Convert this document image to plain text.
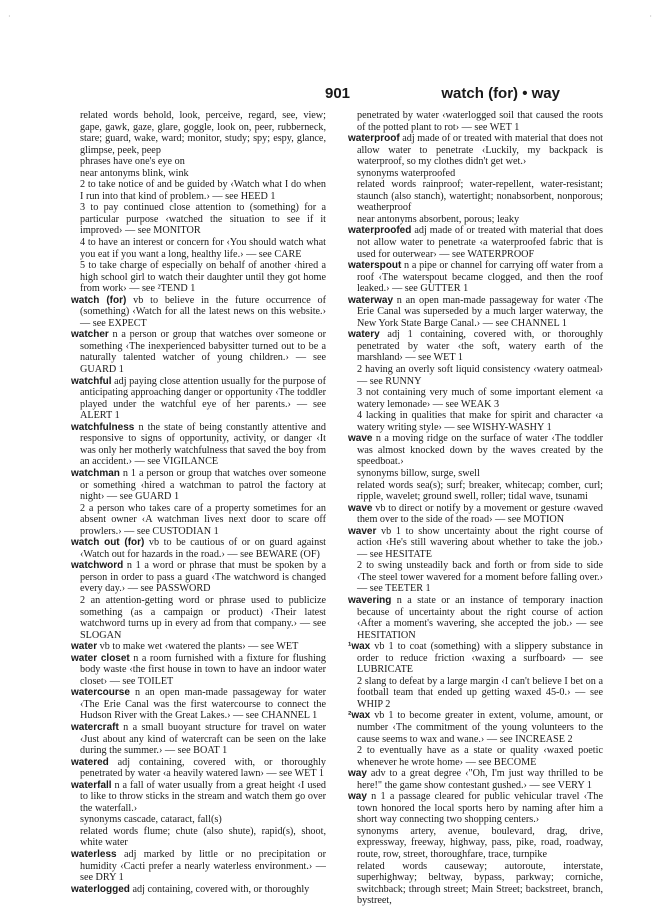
·	·
901	watch (for) • way

related words behold, look, perceive, regard, see, view; gape, gawk, gaze, glare, goggle, look on, peer, rubberneck, stare; guard, wake, ward; monitor, study; spy; espy, glance, glimpse, peek, peep

phrases have one's eye on

near antonyms blink, wink

2 to take notice of and be guided by ‹Watch what I do when I run into that kind of problem.› — see HEED 1

3 to pay continued close attention to (something) for a particular purpose ‹watched the situation to see if it improved› — see MONITOR

4 to have an interest or concern for ‹You should watch what you eat if you want a long, healthy life.› — see CARE

5 to take charge of especially on behalf of another ‹hired a high school girl to watch their daughter until they got home from work› — see ²TEND 1

watch (for) vb to believe in the future occurrence of (something) ‹Watch for all the latest news on this website.› — see EXPECT

watcher n a person or group that watches over someone or something ‹The inexperienced babysitter turned out to be a naturally talented watcher of young children.› — see GUARD 1

watchful adj paying close attention usually for the purpose of anticipating approaching danger or opportunity ‹The toddler played under the watchful eye of her parents.› — see ALERT 1

watchfulness n the state of being constantly attentive and responsive to signs of opportunity, activity, or danger ‹It was only her motherly watchfulness that saved the boy from an accident.› — see VIGILANCE

watchman n 1 a person or group that watches over someone or something ‹hired a watchman to patrol the factory at night› — see GUARD 1

2 a person who takes care of a property sometimes for an absent owner ‹A watchman lives next door to scare off prowlers.› — see CUSTODIAN 1

watch out (for) vb to be cautious of or on guard against ‹Watch out for hazards in the road.› — see BEWARE (OF)

watchword n 1 a word or phrase that must be spoken by a person in order to pass a guard ‹The watchword is changed every day.› — see PASSWORD

2 an attention-getting word or phrase used to publicize something (as a campaign or product) ‹Their latest watchword turns up in every ad from that company.› — see SLOGAN

water vb to make wet ‹watered the plants› — see WET

water closet n a room furnished with a fixture for flushing body waste ‹the first house in town to have an indoor water closet› — see TOILET

watercourse n an open man-made passageway for water ‹The Erie Canal was the first watercourse to connect the Hudson River with the Great Lakes.› — see CHANNEL 1

watercraft n a small buoyant structure for travel on water ‹Just about any kind of watercraft can be seen on the lake during the summer.› — see BOAT 1

watered adj containing, covered with, or thoroughly penetrated by water ‹a heavily watered lawn› — see WET 1

waterfall n a fall of water usually from a great height ‹I used to like to throw sticks in the stream and watch them go over the waterfall.›

synonyms cascade, cataract, fall(s)

related words flume; chute (also shute), rapid(s), shoot, white water

waterless adj marked by little or no precipitation or humidity ‹Cacti prefer a nearly waterless environment.› — see DRY 1

waterlogged adj containing, covered with, or thoroughly

penetrated by water ‹waterlogged soil that caused the roots of the potted plant to rot› — see WET 1

waterproof adj made of or treated with material that does not allow water to penetrate ‹Luckily, my backpack is waterproof, so my clothes didn't get wet.›

synonyms waterproofed

related words rainproof; water-repellent, water-resistant; staunch (also stanch), watertight; nonabsorbent, nonporous; weatherproof

near antonyms absorbent, porous; leaky

waterproofed adj made of or treated with material that does not allow water to penetrate ‹a waterproofed fabric that is used for outerwear› — see WATERPROOF

waterspout n a pipe or channel for carrying off water from a roof ‹The waterspout became clogged, and then the roof leaked.› — see GUTTER 1

waterway n an open man-made passageway for water ‹The Erie Canal was superseded by a much larger waterway, the New York State Barge Canal.› — see CHANNEL 1

watery adj 1 containing, covered with, or thoroughly penetrated by water ‹the soft, watery earth of the marshland› — see WET 1

2 having an overly soft liquid consistency ‹watery oatmeal› — see RUNNY

3 not containing very much of some important element ‹a watery lemonade› — see WEAK 3

4 lacking in qualities that make for spirit and character ‹a watery writing style› — see WISHY-WASHY 1

wave n a moving ridge on the surface of water ‹The toddler was almost knocked down by the waves created by the speedboat.›

synonyms billow, surge, swell

related words sea(s); surf; breaker, whitecap; comber, curl; ripple, wavelet; ground swell, roller; tidal wave, tsunami

wave vb to direct or notify by a movement or gesture ‹waved them over to the side of the road› — see MOTION

waver vb 1 to show uncertainty about the right course of action ‹He's still wavering about whether to take the job.› — see HESITATE

2 to swing unsteadily back and forth or from side to side ‹The steel tower wavered for a moment before falling over.› — see TEETER 1

wavering n a state or an instance of temporary inaction because of uncertainty about the right course of action ‹After a moment's wavering, she accepted the job.› — see HESITATION

¹wax vb 1 to coat (something) with a slippery substance in order to reduce friction ‹waxing a surfboard› — see LUBRICATE

2 slang to defeat by a large margin ‹I can't believe I bet on a football team that ended up getting waxed 45-0.› — see WHIP 2

²wax vb 1 to become greater in extent, volume, amount, or number ‹The commitment of the young volunteers to the cause seems to wax and wane.› — see INCREASE 2

2 to eventually have as a state or quality ‹waxed poetic whenever he wrote home› — see BECOME

way adv to a great degree ‹"Oh, I'm just way thrilled to be here!" the game show contestant gushed.› — see VERY 1

way n 1 a passage cleared for public vehicular travel ‹The town honored the local sports hero by naming after him a short way connecting two shopping centers.›

synonyms artery, avenue, boulevard, drag, drive, expressway, freeway, highway, pass, pike, road, roadway, route, row, street, thoroughfare, trace, turnpike

related words causeway; autoroute, interstate, superhighway; beltway, bypass, parkway; corniche, switchback; through street; Main Street; backstreet, branch, bystreet,
